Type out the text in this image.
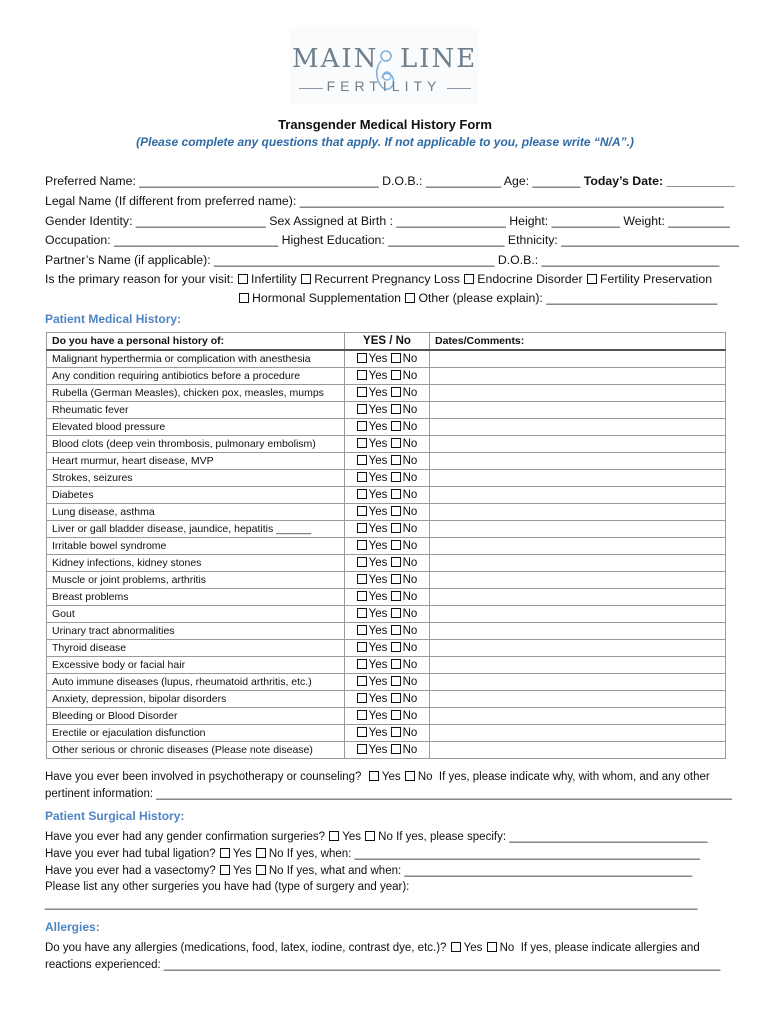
MAIN LINE
FERTILITY
Transgender Medical History Form
(Please complete any questions that apply. If not applicable to you, please write “N/A”.)
Preferred Name: ___________________________________ D.O.B.: ___________ Age: _______ Today’s Date: __________
Legal Name (If different from preferred name): ______________________________________________________________
Gender Identity: ___________________ Sex Assigned at Birth : ________________ Height: __________ Weight: _________
Occupation: ________________________ Highest Education: _________________ Ethnicity: __________________________
Partner’s Name (if applicable): _________________________________________ D.O.B.: __________________________
Is the primary reason for your visit: Infertility Recurrent Pregnancy Loss Endocrine Disorder Fertility Preservation
Hormonal Supplementation Other (please explain): _________________________
Patient Medical History:
Do you have a personal history of:	YES / No	Dates/Comments:
Malignant hyperthermia or complication with anesthesia	Yes No	
Any condition requiring antibiotics before a procedure	Yes No	
Rubella (German Measles), chicken pox, measles, mumps	Yes No	
Rheumatic fever	Yes No	
Elevated blood pressure	Yes No	
Blood clots (deep vein thrombosis, pulmonary embolism)	Yes No	
Heart murmur, heart disease, MVP	Yes No	
Strokes, seizures	Yes No	
Diabetes	Yes No	
Lung disease, asthma	Yes No	
Liver or gall bladder disease, jaundice, hepatitis ______	Yes No	
Irritable bowel syndrome	Yes No	
Kidney infections, kidney stones	Yes No	
Muscle or joint problems, arthritis	Yes No	
Breast problems	Yes No	
Gout	Yes No	
Urinary tract abnormalities	Yes No	
Thyroid disease	Yes No	
Excessive body or facial hair	Yes No	
Auto immune diseases (lupus, rheumatoid arthritis, etc.)	Yes No	
Anxiety, depression, bipolar disorders	Yes No	
Bleeding or Blood Disorder	Yes No	
Erectile or ejaculation disfunction	Yes No	
Other serious or chronic diseases (Please note disease)	Yes No	
Have you ever been involved in psychotherapy or counseling? Yes No If yes, please indicate why, with whom, and any other
pertinent information: __________________________________________________________________________________________
Patient Surgical History:
Have you ever had any gender confirmation surgeries? Yes No If yes, please specify: _______________________________
Have you ever had tubal ligation? Yes No If yes, when: ______________________________________________________
Have you ever had a vasectomy? Yes No If yes, what and when: _____________________________________________
Please list any other surgeries you have had (type of surgery and year):
______________________________________________________________________________________________________
Allergies:
Do you have any allergies (medications, food, latex, iodine, contrast dye, etc.)? Yes No If yes, please indicate allergies and
reactions experienced: _______________________________________________________________________________________
